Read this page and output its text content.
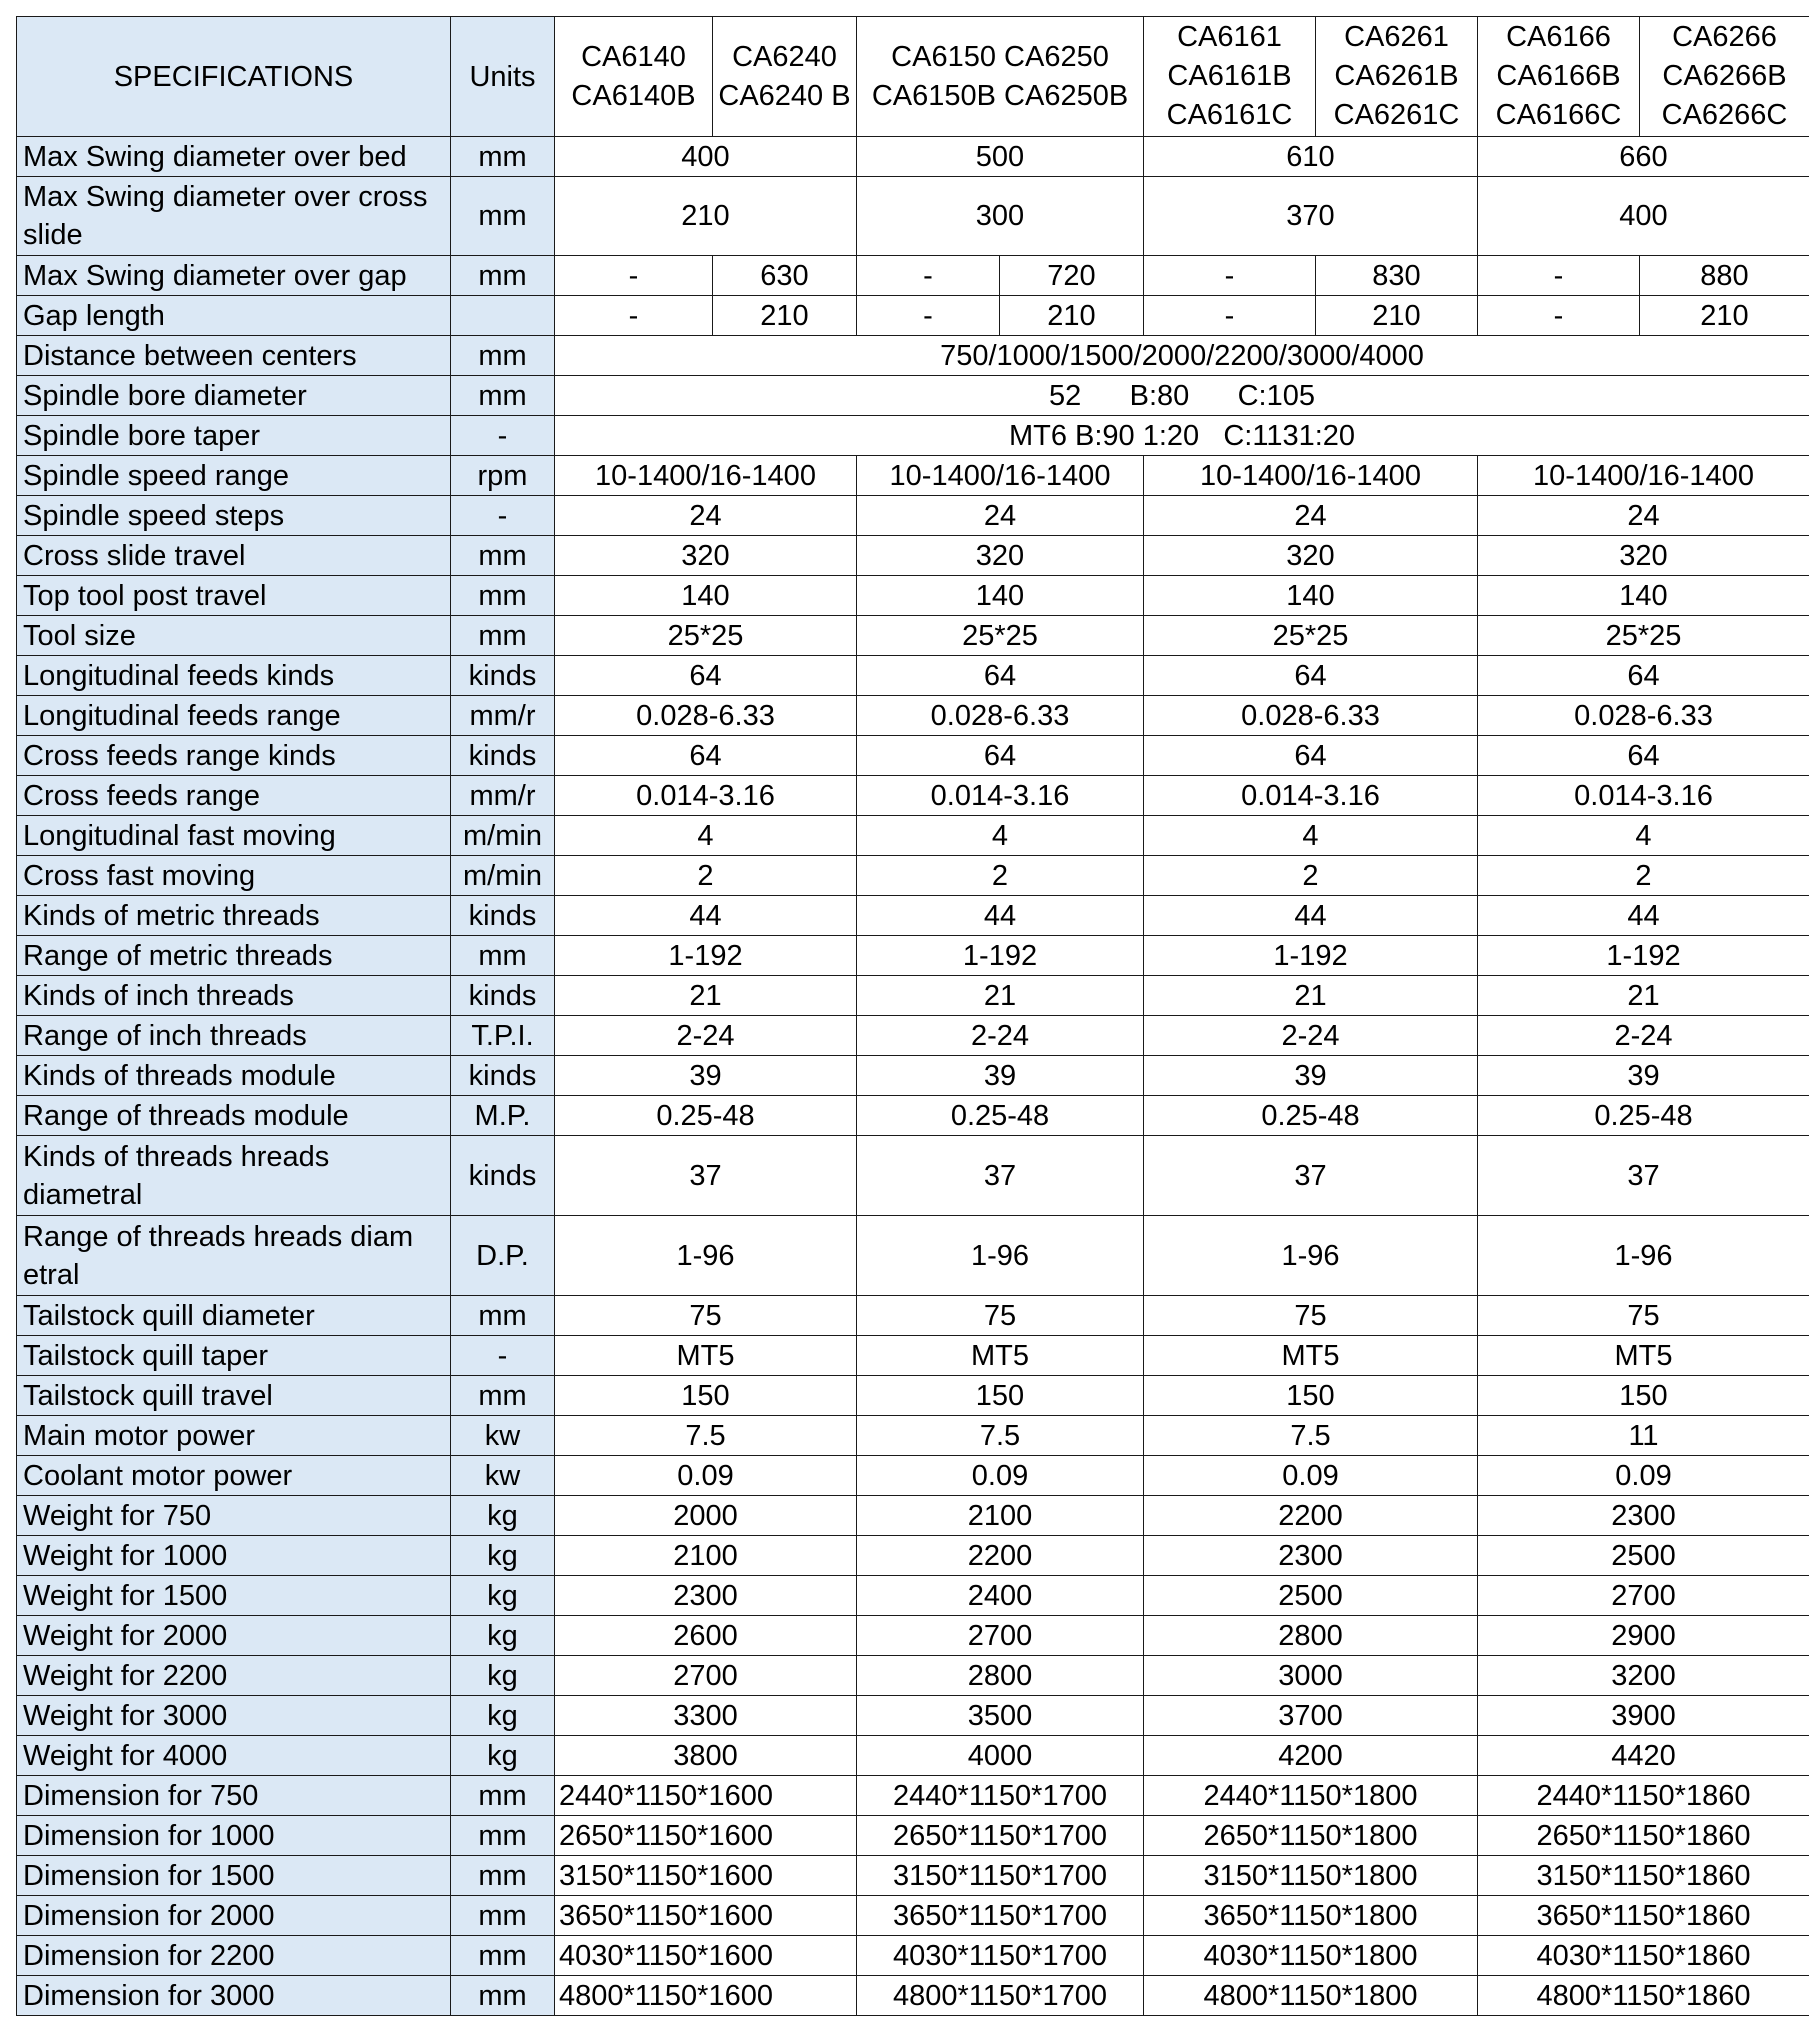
SPECIFICATIONS	Units	CA6140 CA6140B	CA6240 CA6240 B	CA6150 CA6250 CA6150B CA6250B		CA6161 CA6161B CA6161C	CA6261 CA6261B CA6261C	CA6166 CA6166B CA6166C	CA6266 CA6266B CA6266C
Max Swing diameter over bed	mm	400		500		610		660	
Max Swing diameter over cross slide	mm	210		300		370		400	
Max Swing diameter over gap	mm	-	630	-	720	-	830	-	880
Gap length		-	210	-	210	-	210	-	210
Distance between centers	mm	750/1000/1500/2000/2200/3000/4000							
Spindle bore diameter	mm	52      B:80      C:105							
Spindle bore taper	-	MT6 B:90 1:20   C:1131:20							
Spindle speed range	rpm	10-1400/16-1400		10-1400/16-1400		10-1400/16-1400		10-1400/16-1400	
Spindle speed steps	-	24		24		24		24	
Cross slide travel	mm	320		320		320		320	
Top tool post travel	mm	140		140		140		140	
Tool size	mm	25*25		25*25		25*25		25*25	
Longitudinal feeds kinds	kinds	64		64		64		64	
Longitudinal feeds range	mm/r	0.028-6.33		0.028-6.33		0.028-6.33		0.028-6.33	
Cross feeds range kinds	kinds	64		64		64		64	
Cross feeds range	mm/r	0.014-3.16		0.014-3.16		0.014-3.16		0.014-3.16	
Longitudinal fast moving	m/min	4		4		4		4	
Cross fast moving	m/min	2		2		2		2	
Kinds of metric threads	kinds	44		44		44		44	
Range of metric threads	mm	1-192		1-192		1-192		1-192	
Kinds of inch threads	kinds	21		21		21		21	
Range of inch threads	T.P.I.	2-24		2-24		2-24		2-24	
Kinds of threads module	kinds	39		39		39		39	
Range of threads module	M.P.	0.25-48		0.25-48		0.25-48		0.25-48	
Kinds of threads hreads diametral	kinds	37		37		37		37	
Range of threads hreads diam etral	D.P.	1-96		1-96		1-96		1-96	
Tailstock quill diameter	mm	75		75		75		75	
Tailstock quill taper	-	MT5		MT5		MT5		MT5	
Tailstock quill travel	mm	150		150		150		150	
Main motor power	kw	7.5		7.5		7.5		11	
Coolant motor power	kw	0.09		0.09		0.09		0.09	
Weight for 750	kg	2000		2100		2200		2300	
Weight for 1000	kg	2100		2200		2300		2500	
Weight for 1500	kg	2300		2400		2500		2700	
Weight for 2000	kg	2600		2700		2800		2900	
Weight for 2200	kg	2700		2800		3000		3200	
Weight for 3000	kg	3300		3500		3700		3900	
Weight for 4000	kg	3800		4000		4200		4420	
Dimension for 750	mm	2440*1150*1600		2440*1150*1700		2440*1150*1800		2440*1150*1860	
Dimension for 1000	mm	2650*1150*1600		2650*1150*1700		2650*1150*1800		2650*1150*1860	
Dimension for 1500	mm	3150*1150*1600		3150*1150*1700		3150*1150*1800		3150*1150*1860	
Dimension for 2000	mm	3650*1150*1600		3650*1150*1700		3650*1150*1800		3650*1150*1860	
Dimension for 2200	mm	4030*1150*1600		4030*1150*1700		4030*1150*1800		4030*1150*1860	
Dimension for 3000	mm	4800*1150*1600		4800*1150*1700		4800*1150*1800		4800*1150*1860	
